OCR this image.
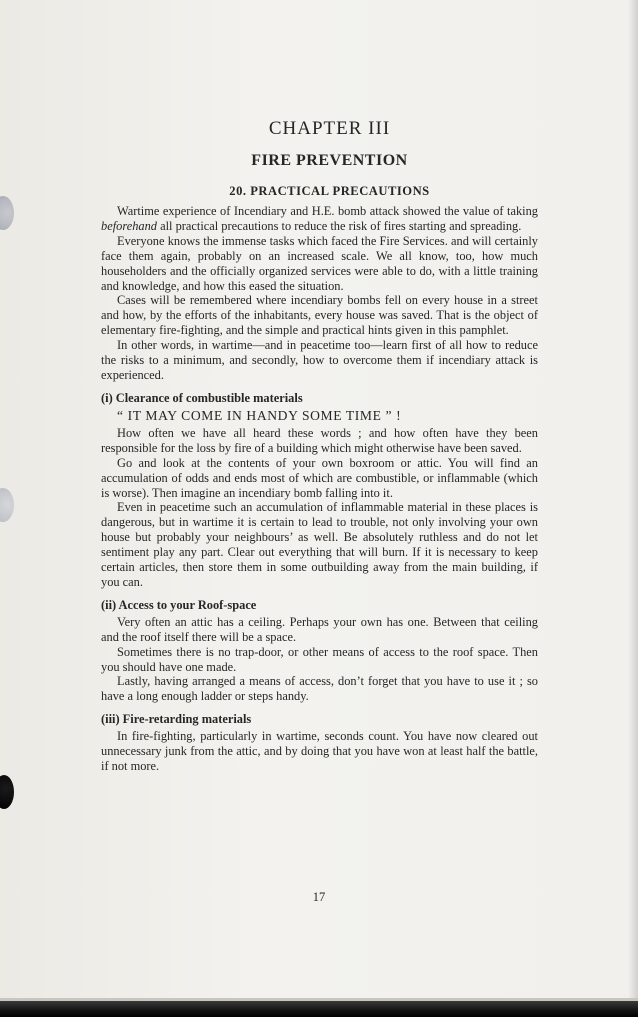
CHAPTER III
FIRE PREVENTION
20. PRACTICAL PRECAUTIONS

Wartime experience of Incendiary and H.E. bomb attack showed the value of taking beforehand all practical precautions to reduce the risk of fires starting and spreading.

Everyone knows the immense tasks which faced the Fire Services. and will certainly face them again, probably on an increased scale. We all know, too, how much householders and the officially organized services were able to do, with a little training and knowledge, and how this eased the situation.

Cases will be remembered where incendiary bombs fell on every house in a street and how, by the efforts of the inhabitants, every house was saved. That is the object of elementary fire-fighting, and the simple and practical hints given in this pamphlet.

In other words, in wartime—and in peacetime too—learn first of all how to reduce the risks to a minimum, and secondly, how to overcome them if incendiary attack is experienced.

(i) Clearance of combustible materials
“ IT MAY COME IN HANDY SOME TIME ” !

How often we have all heard these words ; and how often have they been responsible for the loss by fire of a building which might otherwise have been saved.

Go and look at the contents of your own boxroom or attic. You will find an accumulation of odds and ends most of which are combustible, or inflammable (which is worse). Then imagine an incendiary bomb falling into it.

Even in peacetime such an accumulation of inflammable material in these places is dangerous, but in wartime it is certain to lead to trouble, not only involving your own house but probably your neighbours’ as well. Be absolutely ruthless and do not let sentiment play any part. Clear out everything that will burn. If it is necessary to keep certain articles, then store them in some outbuilding away from the main building, if you can.

(ii) Access to your Roof-space

Very often an attic has a ceiling. Perhaps your own has one. Between that ceiling and the roof itself there will be a space.

Sometimes there is no trap-door, or other means of access to the roof space. Then you should have one made.

Lastly, having arranged a means of access, don’t forget that you have to use it ; so have a long enough ladder or steps handy.

(iii) Fire-retarding materials

In fire-fighting, particularly in wartime, seconds count. You have now cleared out unnecessary junk from the attic, and by doing that you have won at least half the battle, if not more.

17
